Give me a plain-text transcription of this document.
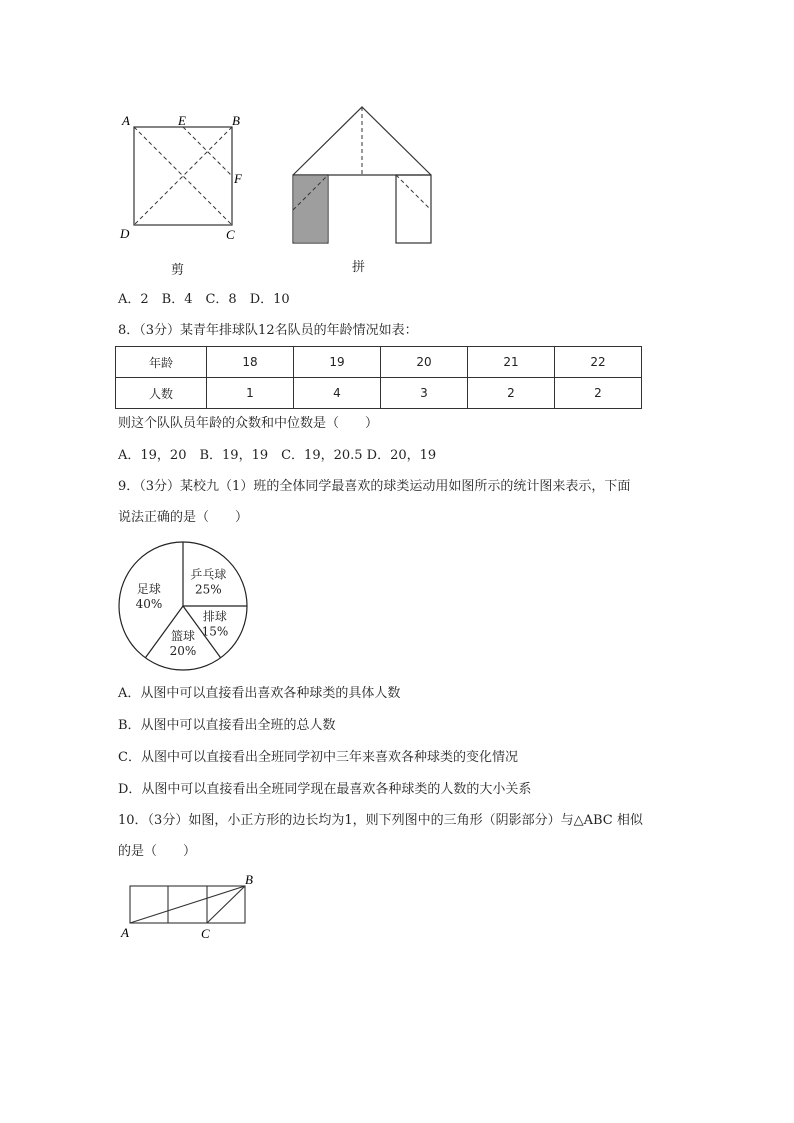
A	E	B
F
D	C
剪	拼
A．2　B．4　C．8　D．10
8．（3分）某青年排球队12名队员的年龄情况如表：
年龄	18	19	20	21	22
人数	1	4	3	2	2
则这个队队员年龄的众数和中位数是（　　）
A．19，20　B．19，19　C．19，20.5 D．20，19
9．（3分）某校九（1）班的全体同学最喜欢的球类运动用如图所示的统计图来表示，下面
说法正确的是（　　）
乒乓球
25%
排球
15%
篮球
20%
足球
40%
A．从图中可以直接看出喜欢各种球类的具体人数
B．从图中可以直接看出全班的总人数
C．从图中可以直接看出全班同学初中三年来喜欢各种球类的变化情况
D．从图中可以直接看出全班同学现在最喜欢各种球类的人数的大小关系
10．（3分）如图，小正方形的边长均为1，则下列图中的三角形（阴影部分）与△ABC 相似
的是（　　）
A
B
C
